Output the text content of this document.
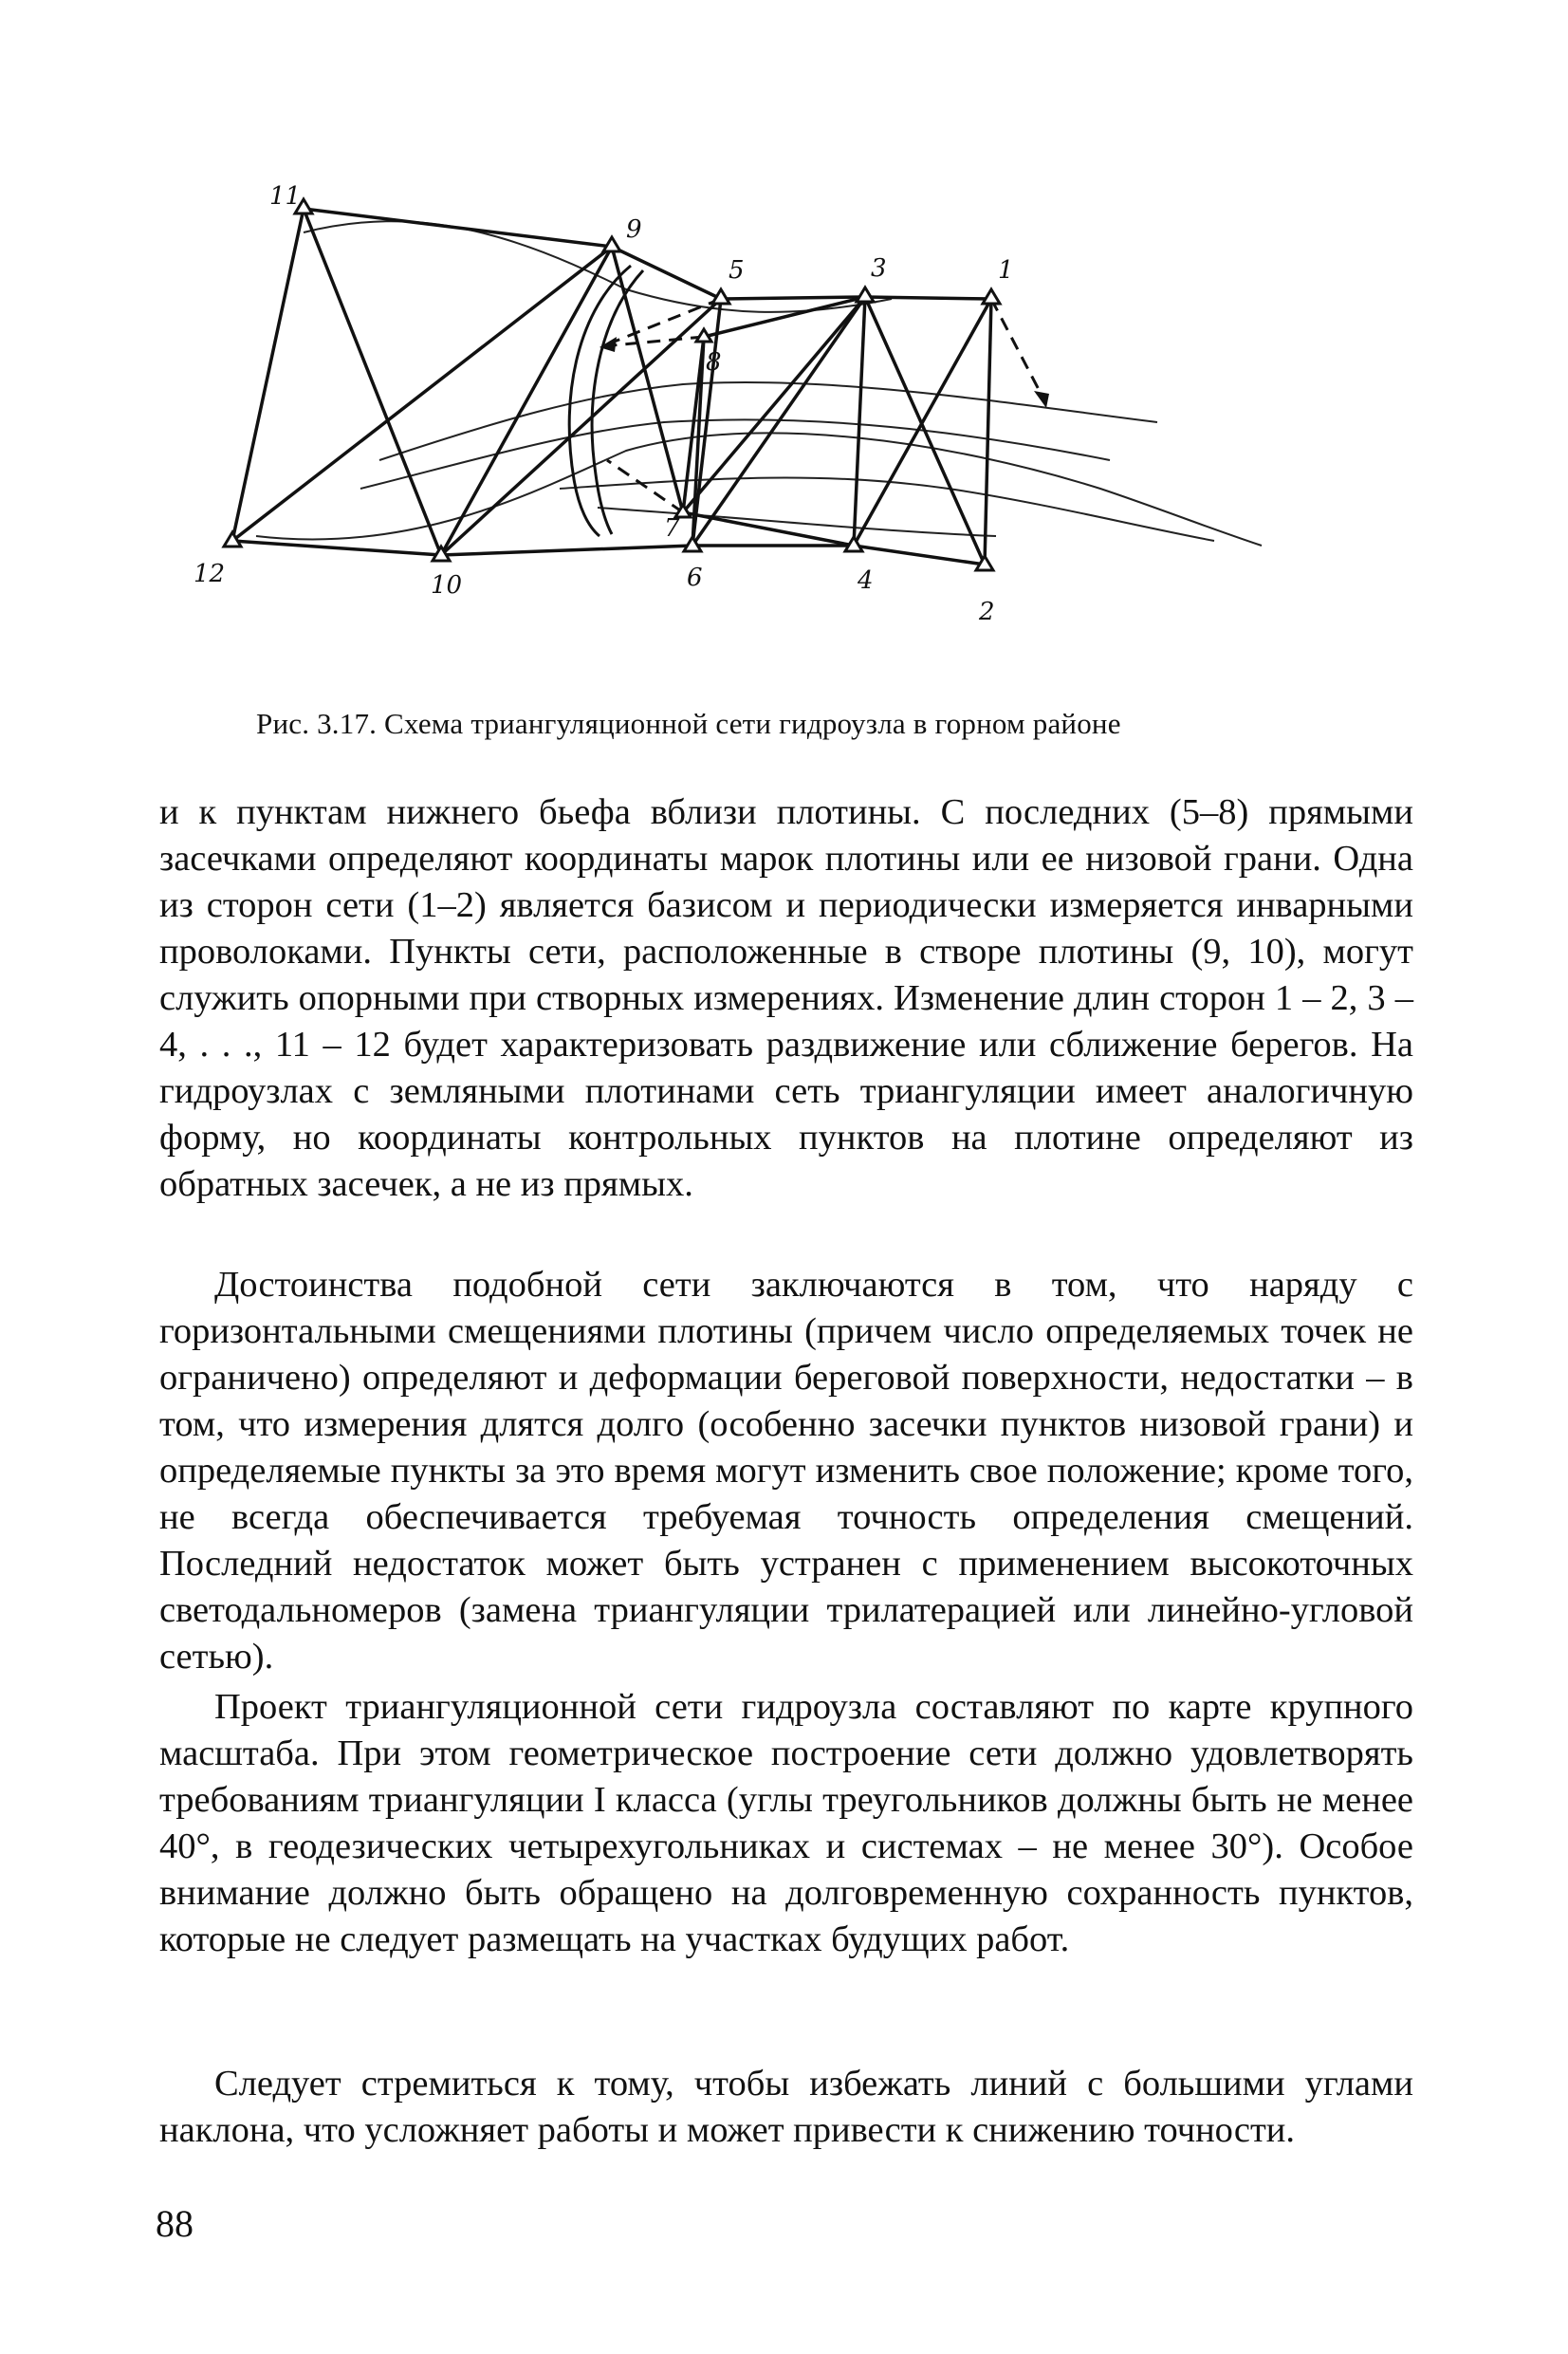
1
2
3
4
5
6
7
8
9
10
11
12
Рис. 3.17. Схема триангуляционной сети гидроузла в горном районе

и к пунктам нижнего бьефа вблизи плотины. С последних (5–8) прямыми засечками определяют координаты марок плотины или ее низовой грани. Одна из сторон сети (1–2) является базисом и периодически измеряется инварными проволоками. Пункты сети, расположенные в створе плотины (9, 10), могут служить опорными при створных измерениях. Изменение длин сторон 1 – 2, 3 – 4, . . ., 11 – 12 будет характеризовать раздвижение или сближение берегов. На гидроузлах с земляными плотинами сеть триангуляции имеет аналогичную форму, но координаты контрольных пунктов на плотине определяют из обратных засечек, а не из прямых.

Достоинства подобной сети заключаются в том, что наряду с горизонтальными смещениями плотины (причем число определяемых точек не ограничено) определяют и деформации береговой поверхности, недостатки – в том, что измерения длятся долго (особенно засечки пунктов низовой грани) и определяемые пункты за это время могут изменить свое положение; кроме того, не всегда обеспечивается требуемая точность определения смещений. Последний недостаток может быть устранен с применением высокоточных светодальномеров (замена триангуляции трилатерацией или линейно-угловой сетью).

Проект триангуляционной сети гидроузла составляют по карте крупного масштаба. При этом геометрическое построение сети должно удовлетворять требованиям триангуляции I класса (углы треугольников должны быть не менее 40°, в геодезических четырехугольниках и системах – не менее 30°). Особое внимание должно быть обращено на долговременную сохранность пунктов, которые не следует размещать на участках будущих работ.

Следует стремиться к тому, чтобы избежать линий с большими углами наклона, что усложняет работы и может привести к снижению точности.

88
